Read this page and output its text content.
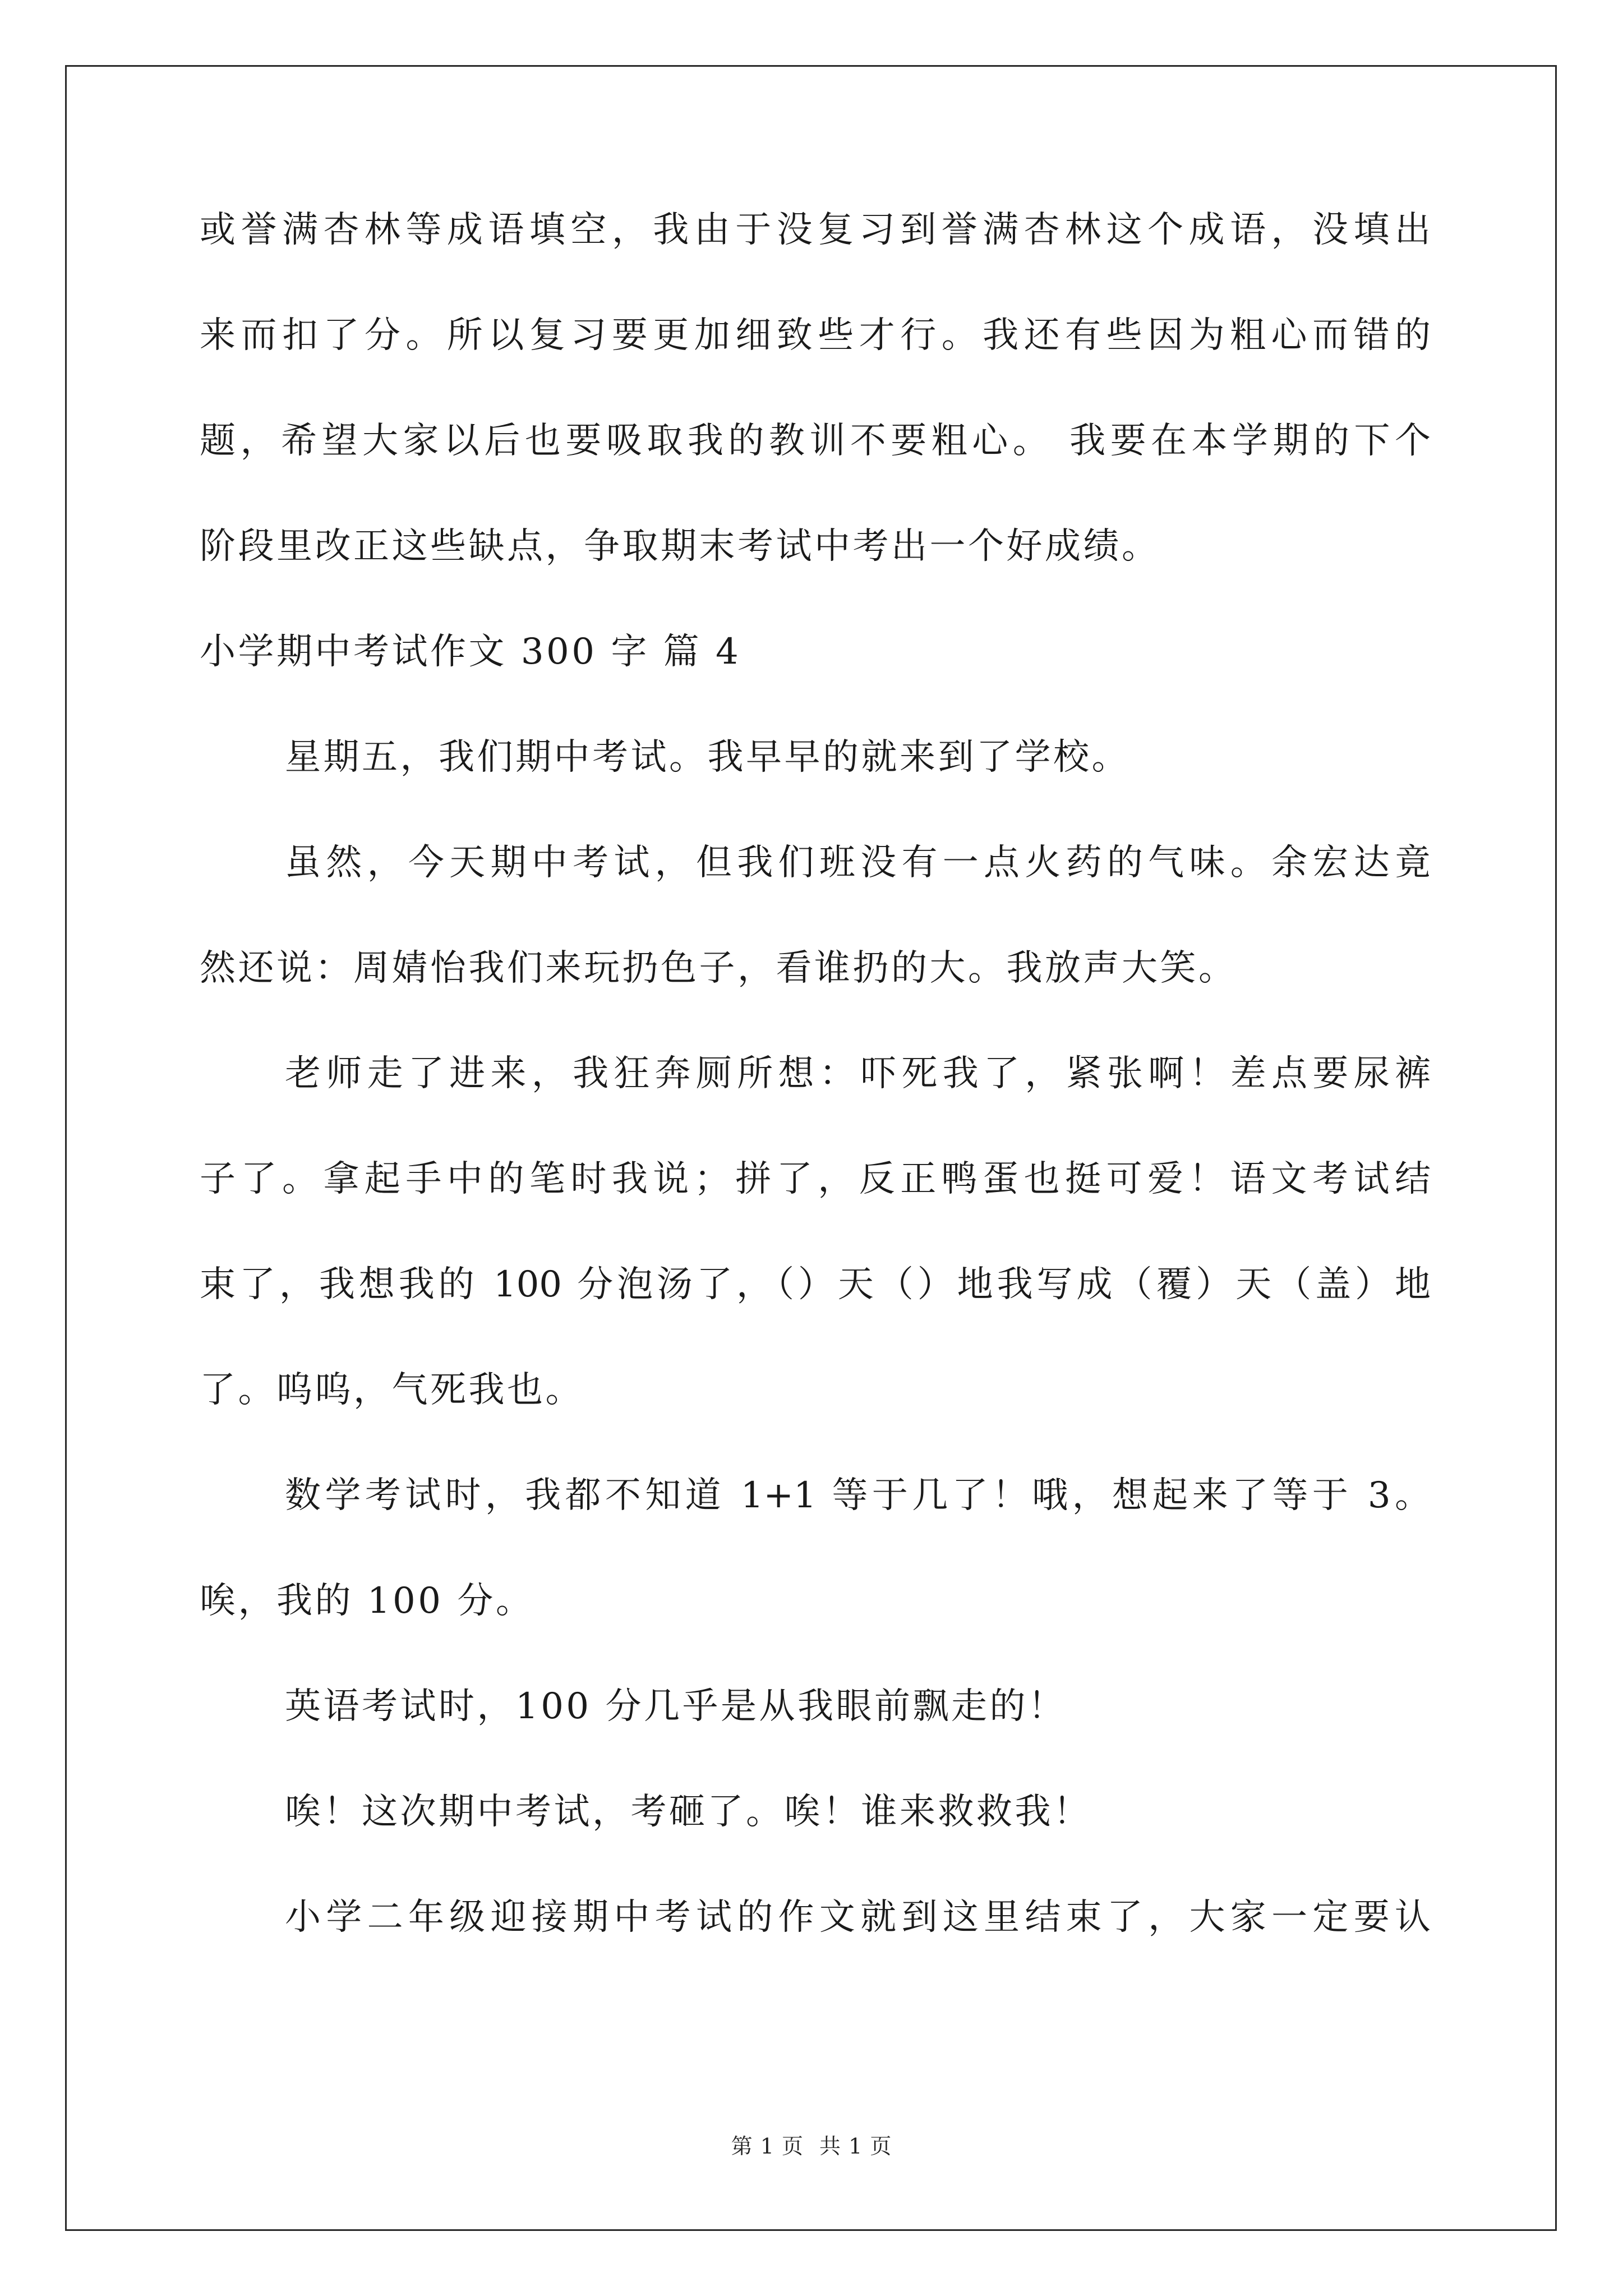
或誉满杏林等成语填空，我由于没复习到誉满杏林这个成语，没填出
来而扣了分。所以复习要更加细致些才行。我还有些因为粗心而错的
题，希望大家以后也要吸取我的教训不要粗心。 我要在本学期的下个
阶段里改正这些缺点，争取期末考试中考出一个好成绩。
小学期中考试作文 300 字 篇 4
星期五，我们期中考试。我早早的就来到了学校。
虽然，今天期中考试，但我们班没有一点火药的气味。余宏达竟
然还说：周婧怡我们来玩扔色子，看谁扔的大。我放声大笑。
老师走了进来，我狂奔厕所想：吓死我了，紧张啊！差点要尿裤
子了。拿起手中的笔时我说；拼了，反正鸭蛋也挺可爱！语文考试结
束了，我想我的 100 分泡汤了，（）天（）地我写成（覆）天（盖）地
了。呜呜，气死我也。
数学考试时，我都不知道 1+1 等于几了！哦，想起来了等于 3。
唉，我的 100 分。
英语考试时，100 分几乎是从我眼前飘走的！
唉！这次期中考试，考砸了。唉！谁来救救我！
小学二年级迎接期中考试的作文就到这里结束了，大家一定要认
第 1 页 共 1 页
